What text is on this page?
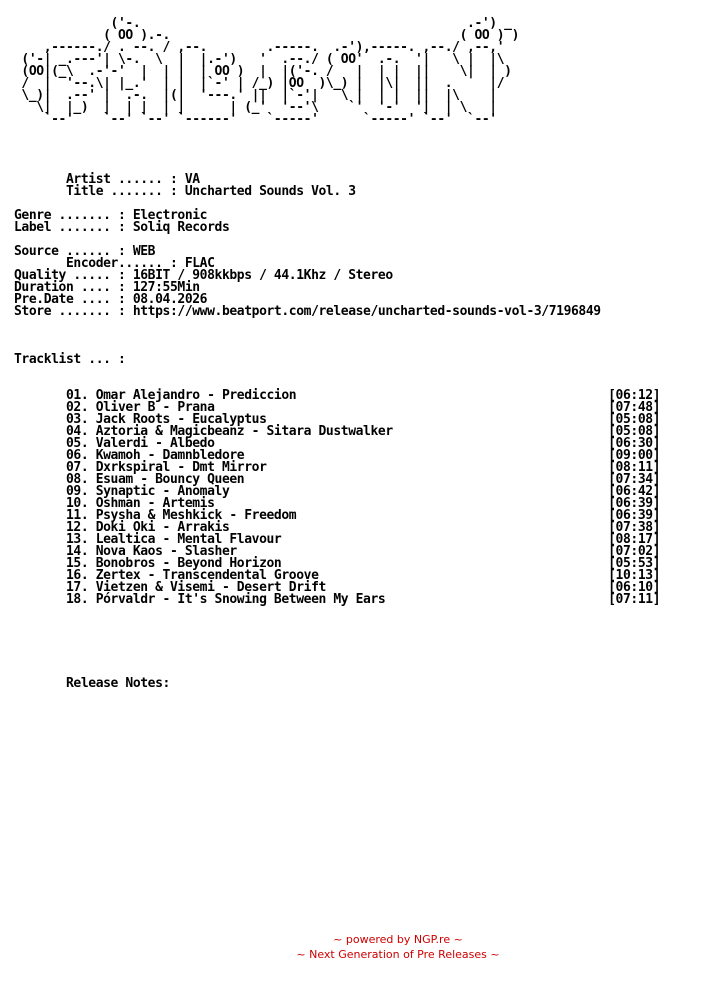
('-.                                            .-') _
( OO ).-.                                       ( OO ) )
,------./ . --. / ,--.        .-----.  .-'),-----. ,--./ ,--,'
('-| _.---'| \-.  \  |  |.-')   '  .--./ ( OO'  .-.  '|   \ |  |\
(OO|(_\  .-'-'  |  | |  | OO )  |  |('-. /   |  | |  ||    \|  | )
/  |  '--.\| |_.'  | |  |`-' | /_) |OO  )\_) |  |\|  ||  .     |/
\_)|  .--' |  .-.  |(|  '---.' ||  |`-'|   \ |  | |  ||  |\    |
\|  |_)  |  | |  | |      | (_'  '--'\    `'  '-'  '|  | \   |
`--'    `--' `--' `------'    `-----'      `-----' `--'  `--'
Artist ...... : VA
Title ....... : Uncharted Sounds Vol. 3
Genre ....... : Electronic
Label ....... : Soliq Records
Source ...... : WEB
Encoder...... : FLAC
Quality ..... : 16BIT / 908kkbps / 44.1Khz / Stereo
Duration .... : 127:55Min
Pre.Date .... : 08.04.2026
Store ....... : https://www.beatport.com/release/uncharted-sounds-vol-3/7196849
Tracklist ... :
01. Omar Alejandro - Prediccion                                          [06:12]
02. Oliver B - Prana                                                     [07:48]
03. Jack Roots - Eucalyptus                                              [05:08]
04. Aztoria & Magicbeanz - Sitara Dustwalker                             [05:08]
05. Valerdi - Albedo                                                     [06:30]
06. Kwamoh - Damnbledore                                                 [09:00]
07. Dxrkspiral - Dmt Mirror                                              [08:11]
08. Esuam - Bouncy Queen                                                 [07:34]
09. Synaptic - Anomaly                                                   [06:42]
10. Oshman - Artemis                                                     [06:39]
11. Psysha & Meshkick - Freedom                                          [06:39]
12. Doki Oki - Arrakis                                                   [07:38]
13. Lealtica - Mental Flavour                                            [08:17]
14. Nova Kaos - Slasher                                                  [07:02]
15. Bonobros - Beyond Horizon                                            [05:53]
16. Zertex - Transcendental Groove                                       [10:13]
17. Vietzen & Visemi - Desert Drift                                      [06:10]
18. Pórvaldr - It's Snowing Between My Ears                              [07:11]
Release Notes:
~ powered by NGP.re ~
~ Next Generation of Pre Releases ~
